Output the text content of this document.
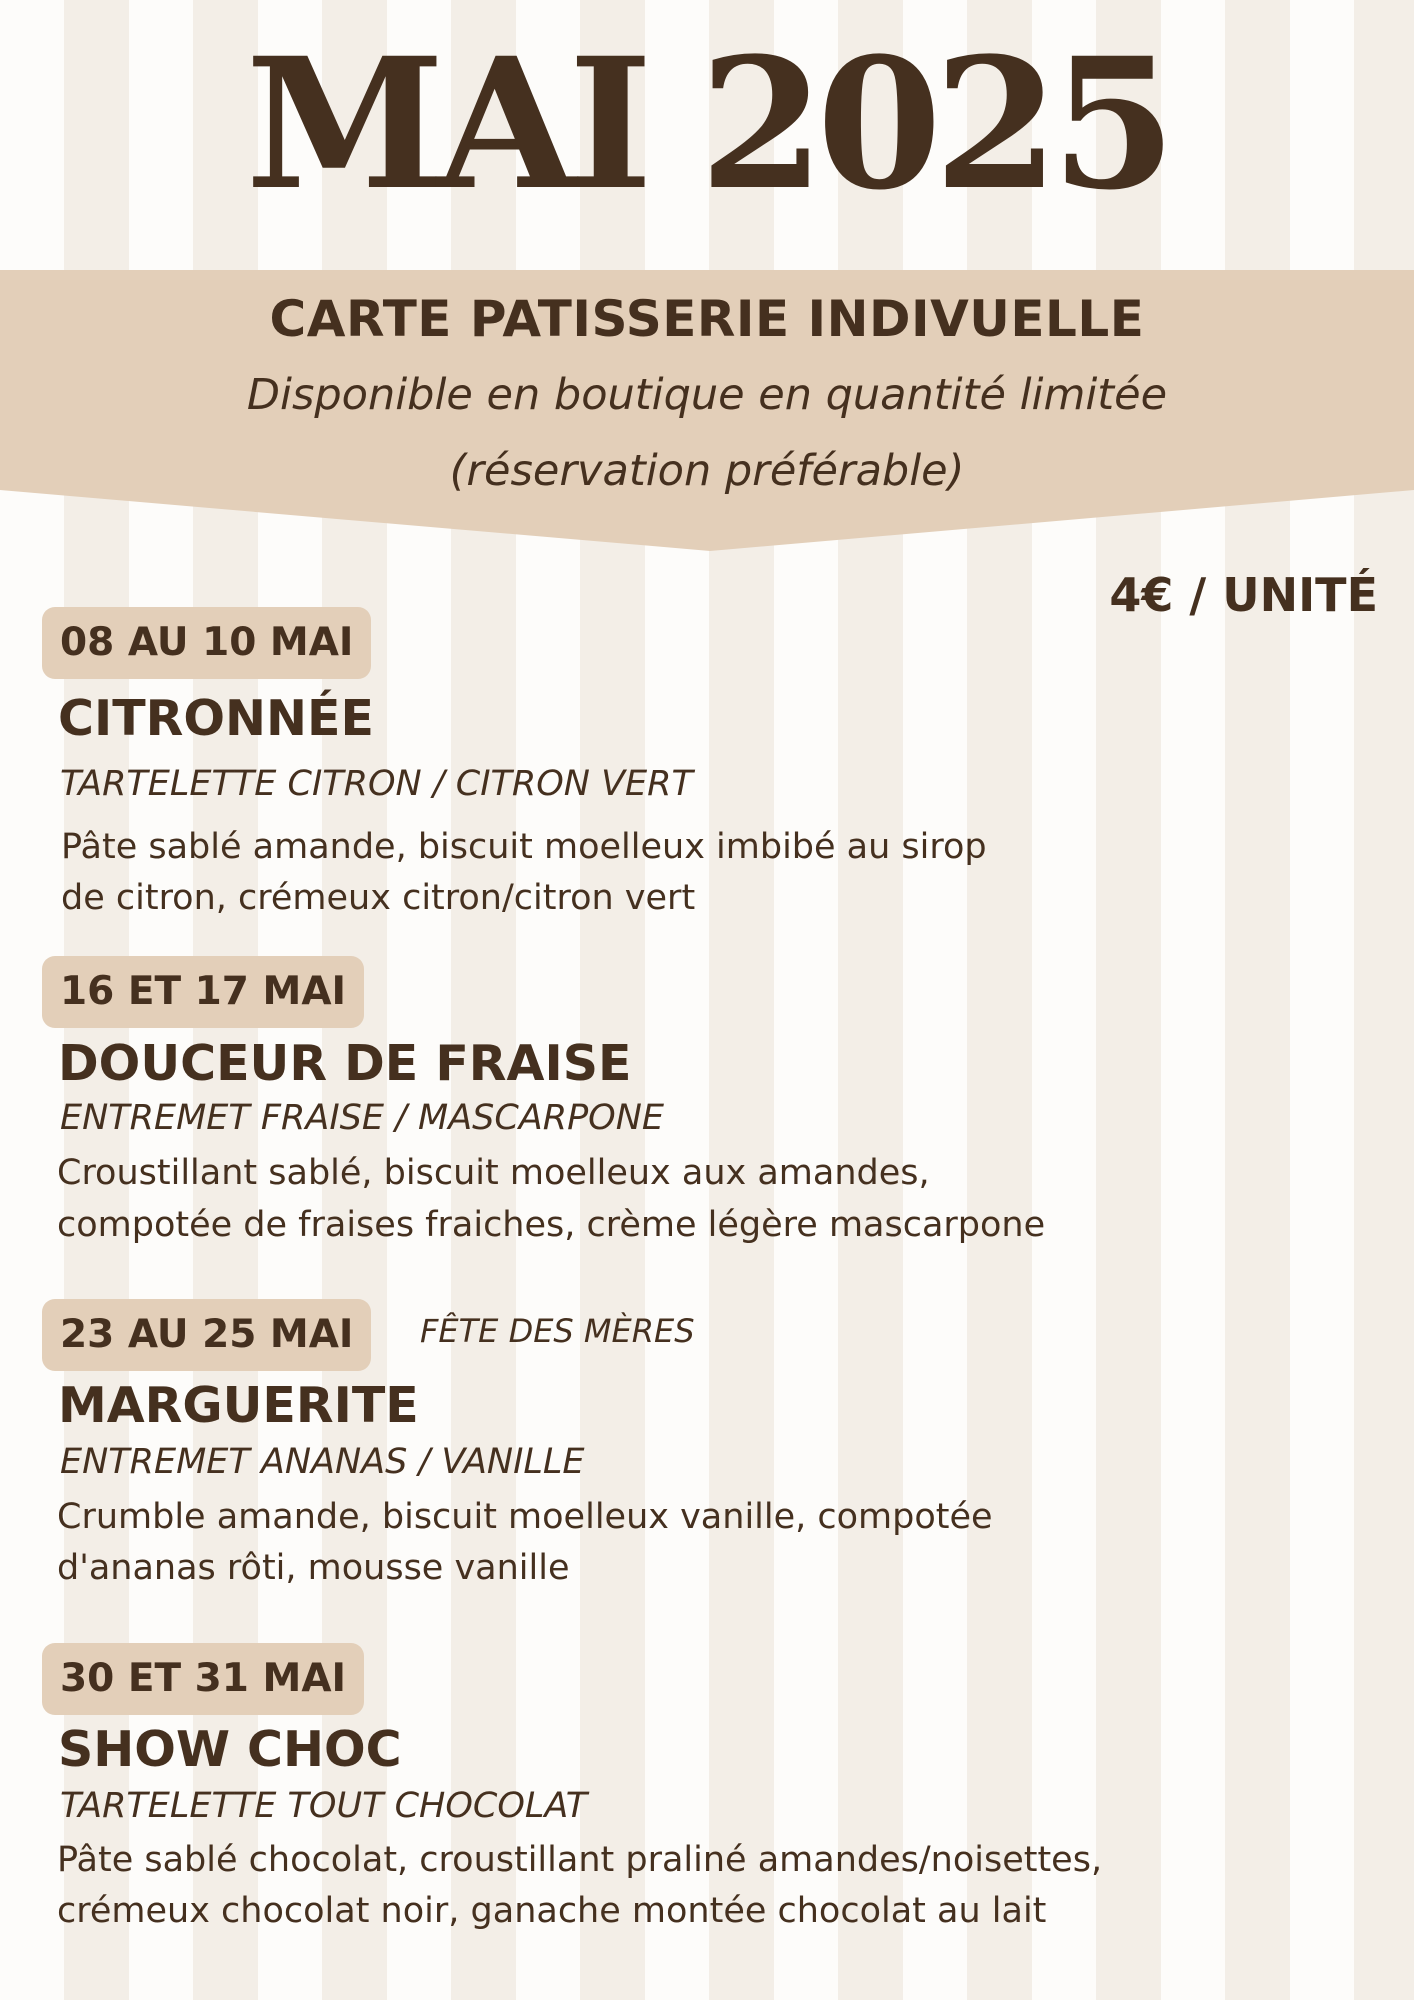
MAI 2025
CARTE PATISSERIE INDIVUELLE
Disponible en boutique en quantité limitée
(réservation préférable)
4€ / UNITÉ
08 AU 10 MAI
CITRONNÉE
TARTELETTE CITRON / CITRON VERT
Pâte sablé amande, biscuit moelleux imbibé au sirop
de citron, crémeux citron/citron vert
16 ET 17 MAI
DOUCEUR DE FRAISE
ENTREMET FRAISE / MASCARPONE
Croustillant sablé, biscuit moelleux aux amandes,
compotée de fraises fraiches, crème légère mascarpone
23 AU 25 MAI	FÊTE DES MÈRES
MARGUERITE
ENTREMET ANANAS / VANILLE
Crumble amande, biscuit moelleux vanille, compotée
d'ananas rôti, mousse vanille
30 ET 31 MAI
SHOW CHOC
TARTELETTE TOUT CHOCOLAT
Pâte sablé chocolat, croustillant praliné amandes/noisettes,
crémeux chocolat noir, ganache montée chocolat au lait
